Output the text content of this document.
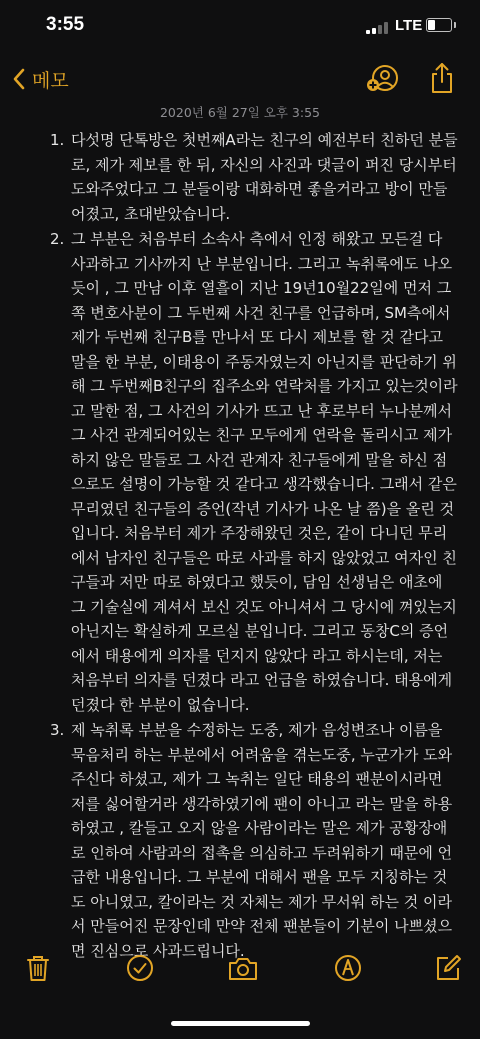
3:55	LTE
메모
2020년 6월 27일 오후 3:55
1. 다섯명 단톡방은 첫번째A라는 친구의 예전부터 친하던 분들
로, 제가 제보를 한 뒤, 자신의 사진과 댓글이 퍼진 당시부터
도와주었다고 그 분들이랑 대화하면 좋을거라고 방이 만들
어졌고, 초대받았습니다.
2. 그 부분은 처음부터 소속사 측에서 인정 해왔고 모든걸 다
사과하고 기사까지 난 부분입니다. 그리고 녹취록에도 나오
듯이 , 그 만남 이후 열흘이 지난 19년10월22일에 먼저 그
쪽 변호사분이 그 두번째 사건 친구를 언급하며, SM측에서
제가 두번째 친구B를 만나서 또 다시 제보를 할 것 같다고
말을 한 부분, 이태용이 주동자였는지 아닌지를 판단하기 위
해 그 두번째B친구의 집주소와 연락처를 가지고 있는것이라
고 말한 점, 그 사건의 기사가 뜨고 난 후로부터 누나분께서
그 사건 관계되어있는 친구 모두에게 연락을 돌리시고 제가
하지 않은 말들로 그 사건 관계자 친구들에게 말을 하신 점
으로도 설명이 가능할 것 같다고 생각했습니다. 그래서 같은
무리였던 친구들의 증언(작년 기사가 나온 날 쯤)을 올린 것
입니다. 처음부터 제가 주장해왔던 것은, 같이 다니던 무리
에서 남자인 친구들은 따로 사과를 하지 않았었고 여자인 친
구들과 저만 따로 하였다고 했듯이, 담임 선생님은 애초에
그 기술실에 계셔서 보신 것도 아니셔서 그 당시에 껴있는지
아닌지는 확실하게 모르실 분입니다. 그리고 동창C의 증언
에서 태용에게 의자를 던지지 않았다 라고 하시는데, 저는
처음부터 의자를 던졌다 라고 언급을 하였습니다. 태용에게
던졌다 한 부분이 없습니다.
3. 제 녹취록 부분을 수정하는 도중, 제가 음성변조나 이름을
묵음처리 하는 부분에서 어려움을 겪는도중, 누군가가 도와
주신다 하셨고, 제가 그 녹취는 일단 태용의 팬분이시라면
저를 싫어할거라 생각하였기에 팬이 아니고 라는 말을 하용
하였고 , 칼들고 오지 않을 사람이라는 말은 제가 공황장애
로 인하여 사람과의 접촉을 의심하고 두려워하기 때문에 언
급한 내용입니다. 그 부분에 대해서 팬을 모두 지칭하는 것
도 아니였고, 칼이라는 것 자체는 제가 무서워 하는 것 이라
서 만들어진 문장인데 만약 전체 팬분들이 기분이 나쁘셨으
면 진심으로 사과드립니다.
